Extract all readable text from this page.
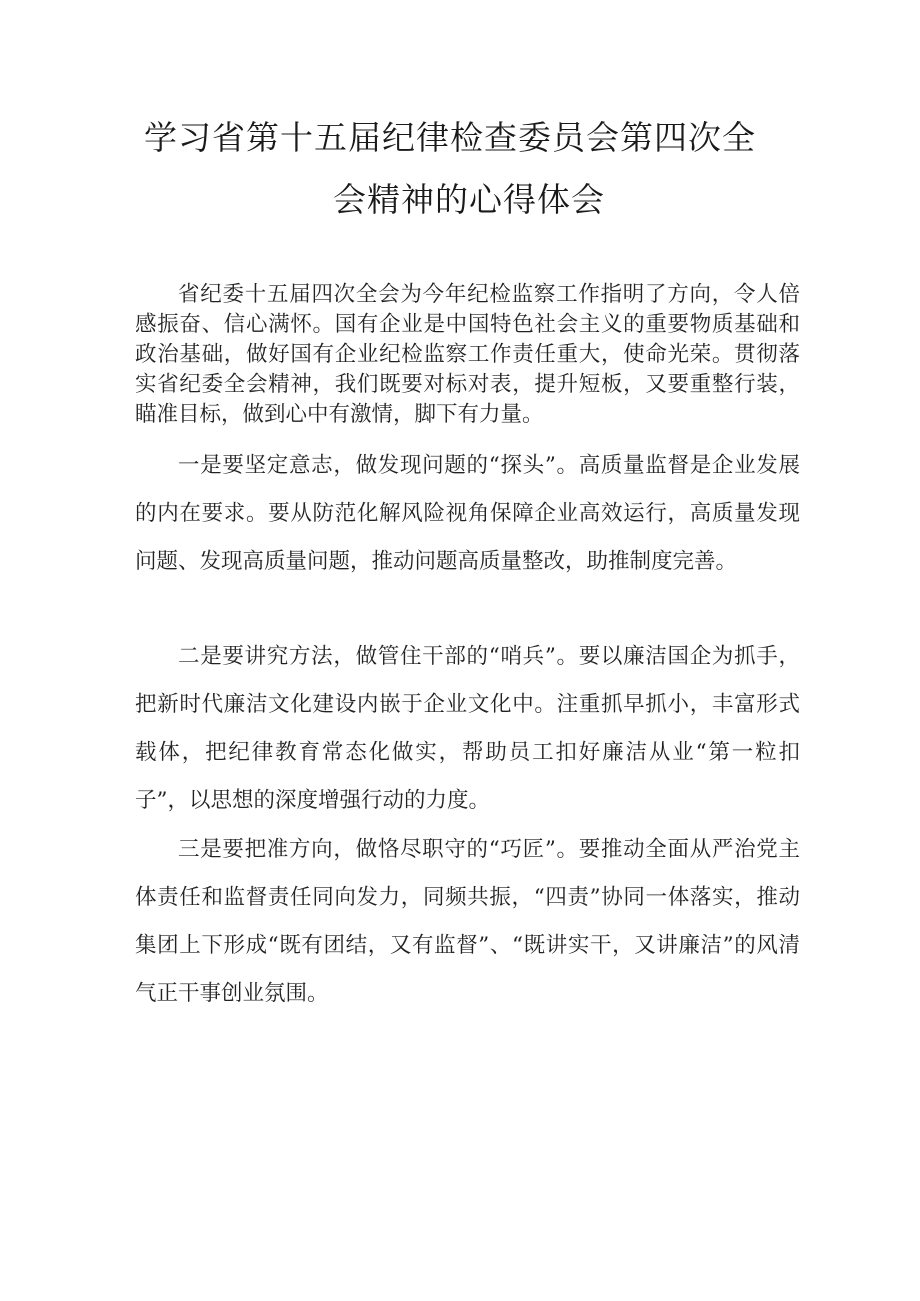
学习省第十五届纪律检查委员会第四次全
会精神的心得体会

省纪委十五届四次全会为今年纪检监察工作指明了方向，令人倍感振奋、信心满怀。国有企业是中国特色社会主义的重要物质基础和政治基础，做好国有企业纪检监察工作责任重大，使命光荣。贯彻落实省纪委全会精神，我们既要对标对表，提升短板，又要重整行装，瞄准目标，做到心中有激情，脚下有力量。

一是要坚定意志，做发现问题的“探头”。高质量监督是企业发展的内在要求。要从防范化解风险视角保障企业高效运行，高质量发现问题、发现高质量问题，推动问题高质量整改，助推制度完善。

二是要讲究方法，做管住干部的“哨兵”。要以廉洁国企为抓手，把新时代廉洁文化建设内嵌于企业文化中。注重抓早抓小，丰富形式载体，把纪律教育常态化做实，帮助员工扣好廉洁从业“第一粒扣子”，以思想的深度增强行动的力度。

三是要把准方向，做恪尽职守的“巧匠”。要推动全面从严治党主体责任和监督责任同向发力，同频共振，“四责”协同一体落实，推动集团上下形成“既有团结，又有监督”、“既讲实干，又讲廉洁”的风清气正干事创业氛围。
